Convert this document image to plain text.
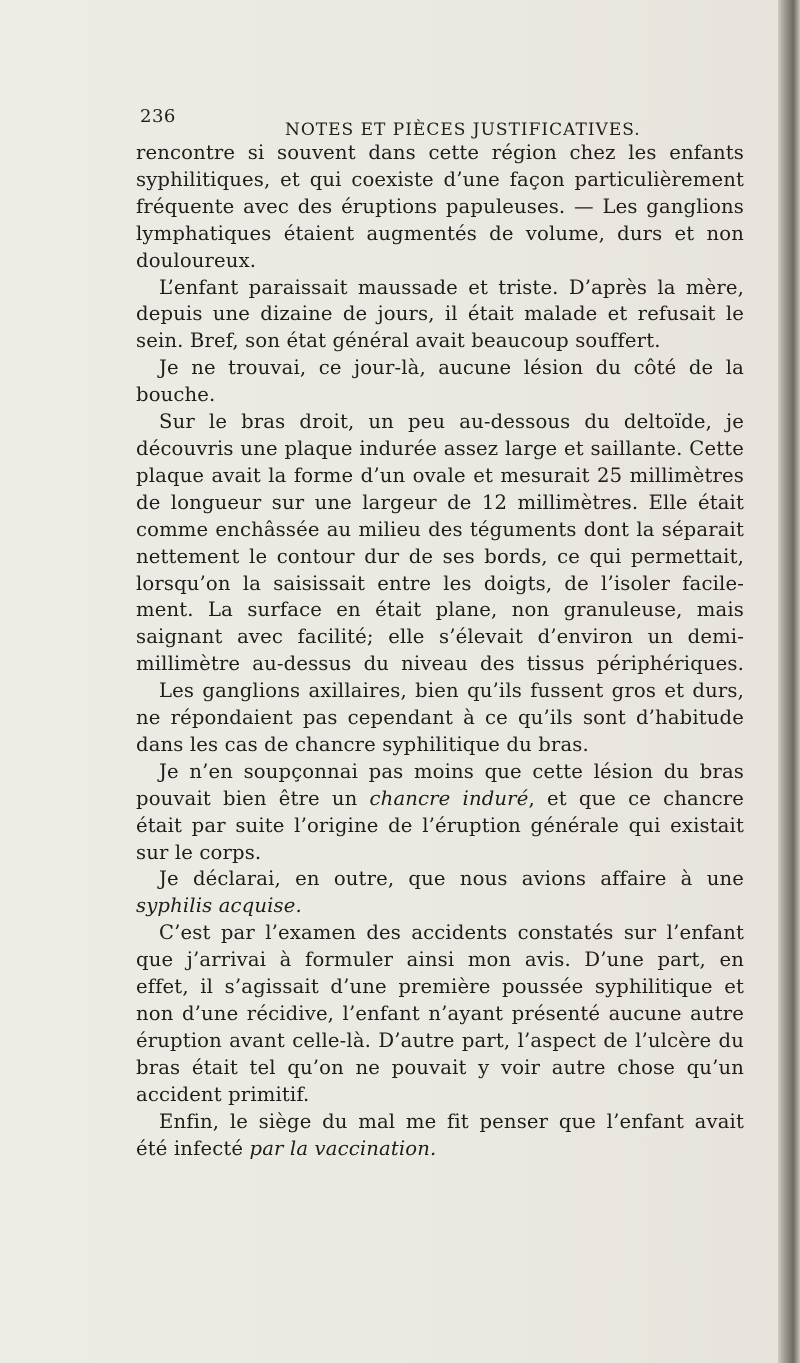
236
NOTES ET PIÈCES JUSTIFICATIVES.
rencontre si souvent dans cette région chez les enfants
syphilitiques, et qui coexiste d’une façon particulièrement
fréquente avec des éruptions papuleuses. — Les ganglions
lymphatiques étaient augmentés de volume, durs et non
douloureux.
L’enfant paraissait maussade et triste. D’après la mère,
depuis une dizaine de jours, il était malade et refusait le
sein. Bref, son état général avait beaucoup souffert.
Je ne trouvai, ce jour-là, aucune lésion du côté de la
bouche.
Sur le bras droit, un peu au-dessous du deltoïde, je
découvris une plaque indurée assez large et saillante. Cette
plaque avait la forme d’un ovale et mesurait 25 millimètres
de longueur sur une largeur de 12 millimètres. Elle était
comme enchâssée au milieu des téguments dont la séparait
nettement le contour dur de ses bords, ce qui permettait,
lorsqu’on la saisissait entre les doigts, de l’isoler facile-
ment. La surface en était plane, non granuleuse, mais
saignant avec facilité; elle s’élevait d’environ un demi-
millimètre au-dessus du niveau des tissus périphériques.
Les ganglions axillaires, bien qu’ils fussent gros et durs,
ne répondaient pas cependant à ce qu’ils sont d’habitude
dans les cas de chancre syphilitique du bras.
Je n’en soupçonnai pas moins que cette lésion du bras
pouvait bien être un chancre induré, et que ce chancre
était par suite l’origine de l’éruption générale qui existait
sur le corps.
Je déclarai, en outre, que nous avions affaire à une
syphilis acquise.
C’est par l’examen des accidents constatés sur l’enfant
que j’arrivai à formuler ainsi mon avis. D’une part, en
effet, il s’agissait d’une première poussée syphilitique et
non d’une récidive, l’enfant n’ayant présenté aucune autre
éruption avant celle-là. D’autre part, l’aspect de l’ulcère du
bras était tel qu’on ne pouvait y voir autre chose qu’un
accident primitif.
Enfin, le siège du mal me fit penser que l’enfant avait
été infecté par la vaccination.
